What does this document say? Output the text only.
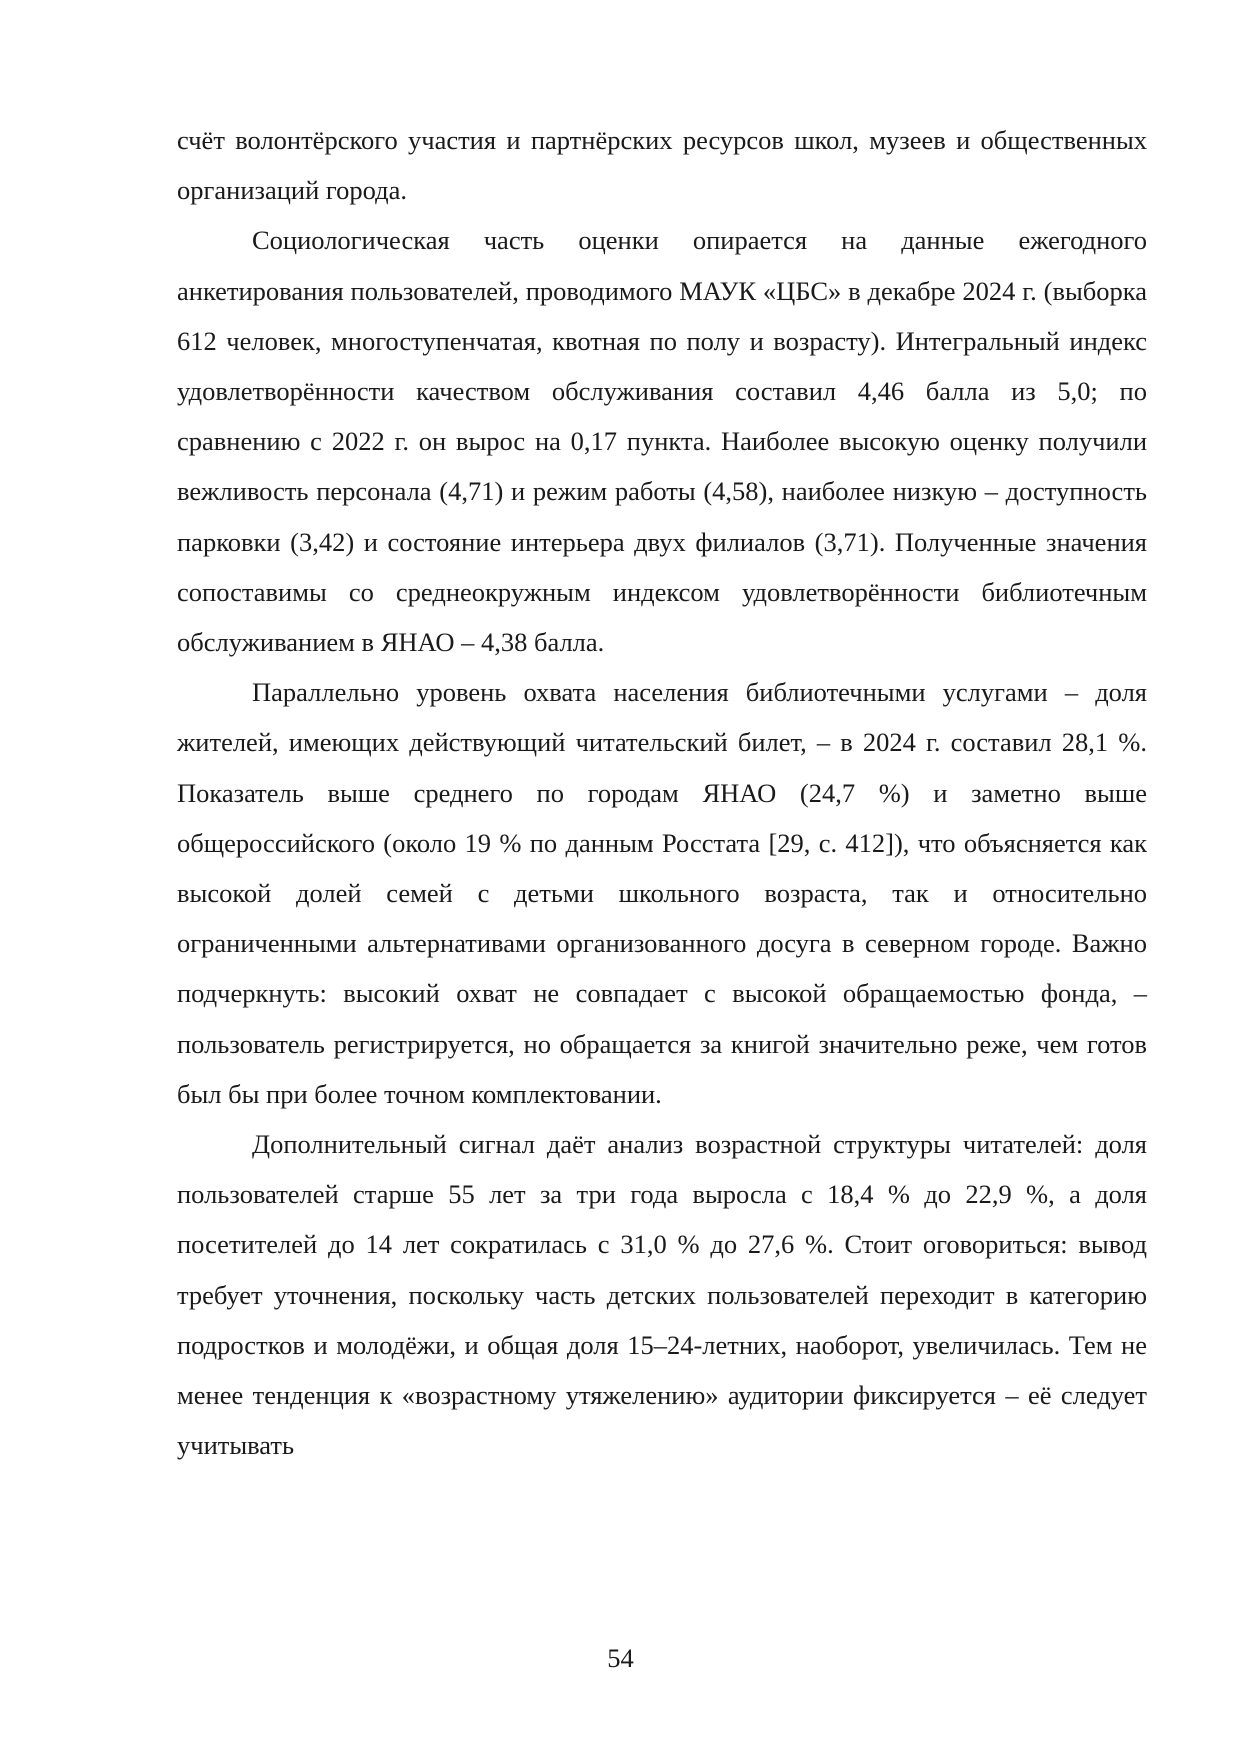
счёт волонтёрского участия и партнёрских ресурсов школ, музеев и общественных организаций города.

Социологическая часть оценки опирается на данные ежегодного анкетирования пользователей, проводимого МАУК «ЦБС» в декабре 2024 г. (выборка 612 человек, многоступенчатая, квотная по полу и возрасту). Интегральный индекс удовлетворённости качеством обслуживания составил 4,46 балла из 5,0; по сравнению с 2022 г. он вырос на 0,17 пункта. Наиболее высокую оценку получили вежливость персонала (4,71) и режим работы (4,58), наиболее низкую – доступность парковки (3,42) и состояние интерьера двух филиалов (3,71). Полученные значения сопоставимы со среднеокружным индексом удовлетворённости библиотечным обслуживанием в ЯНАО – 4,38 балла.

Параллельно уровень охвата населения библиотечными услугами – доля жителей, имеющих действующий читательский билет, – в 2024 г. составил 28,1 %. Показатель выше среднего по городам ЯНАО (24,7 %) и заметно выше общероссийского (около 19 % по данным Росстата [29, с. 412]), что объясняется как высокой долей семей с детьми школьного возраста, так и относительно ограниченными альтернативами организованного досуга в северном городе. Важно подчеркнуть: высокий охват не совпадает с высокой обращаемостью фонда, – пользователь регистрируется, но обращается за книгой значительно реже, чем готов был бы при более точном комплектовании.

Дополнительный сигнал даёт анализ возрастной структуры читателей: доля пользователей старше 55 лет за три года выросла с 18,4 % до 22,9 %, а доля посетителей до 14 лет сократилась с 31,0 % до 27,6 %. Стоит оговориться: вывод требует уточнения, поскольку часть детских пользователей переходит в категорию подростков и молодёжи, и общая доля 15–24-летних, наоборот, увеличилась. Тем не менее тенденция к «возрастному утяжелению» аудитории фиксируется – её следует учитывать

54
